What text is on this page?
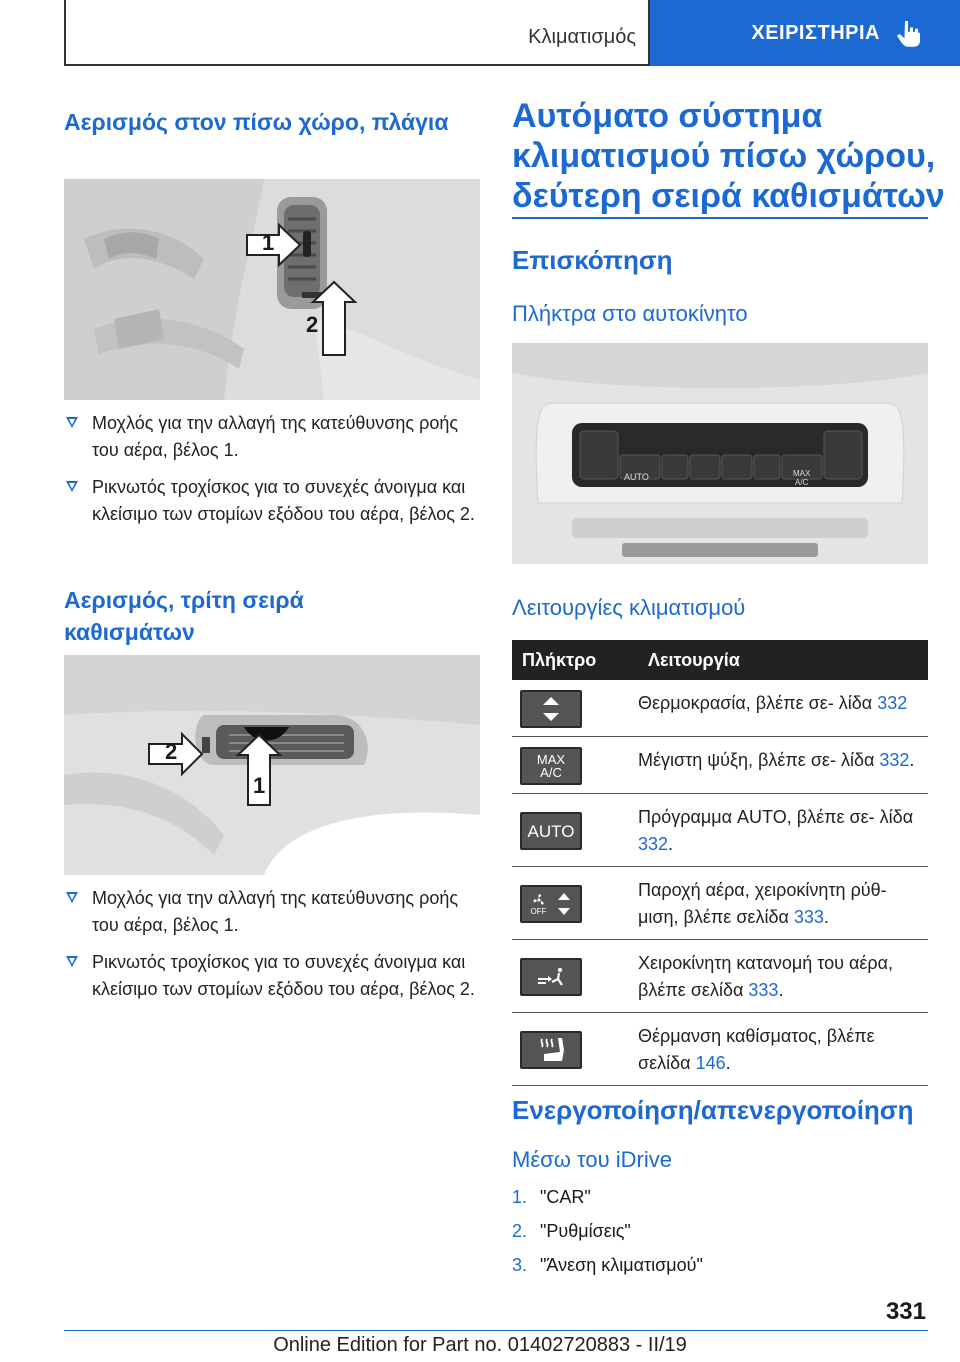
Κλιματισμός	ΧΕΙΡΙΣΤΗΡΙΑ
Αερισμός στον πίσω χώρο, πλάγια
1
2
Μοχλός για την αλλαγή της κατεύθυνσης ροής του αέρα, βέλος 1.
Ρικνωτός τροχίσκος για το συνεχές άνοιγμα και κλείσιμο των στομίων εξόδου του αέρα, βέλος 2.
Αερισμός, τρίτη σειρά καθισμάτων
2
1
Μοχλός για την αλλαγή της κατεύθυνσης ροής του αέρα, βέλος 1.
Ρικνωτός τροχίσκος για το συνεχές άνοιγμα και κλείσιμο των στομίων εξόδου του αέρα, βέλος 2.
Αυτόματο σύστημα κλιματισμού πίσω χώρου, δεύτερη σειρά καθισμάτων
Επισκόπηση
Πλήκτρα στο αυτοκίνητο
AUTO	MAX
A/C
Λειτουργίες κλιματισμού
Πλήκτρο	Λειτουργία

	Θερμοκρασία, βλέπε σε- λίδα 332

MAX
A/C	Μέγιστη ψύξη, βλέπε σε- λίδα 332.

AUTO	Πρόγραμμα AUTO, βλέπε σε- λίδα 332.

OFF	Παροχή αέρα, χειροκίνητη ρύθ- μιση, βλέπε σελίδα 333.

	Χειροκίνητη κατανομή του αέρα, βλέπε σελίδα 333.

	Θέρμανση καθίσματος, βλέπε σελίδα 146.
Ενεργοποίηση/απενεργοποίηση
Μέσω του iDrive
1. "CAR"
2. "Ρυθμίσεις"
3. "Άνεση κλιματισμού"
331
Online Edition for Part no. 01402720883 - II/19
